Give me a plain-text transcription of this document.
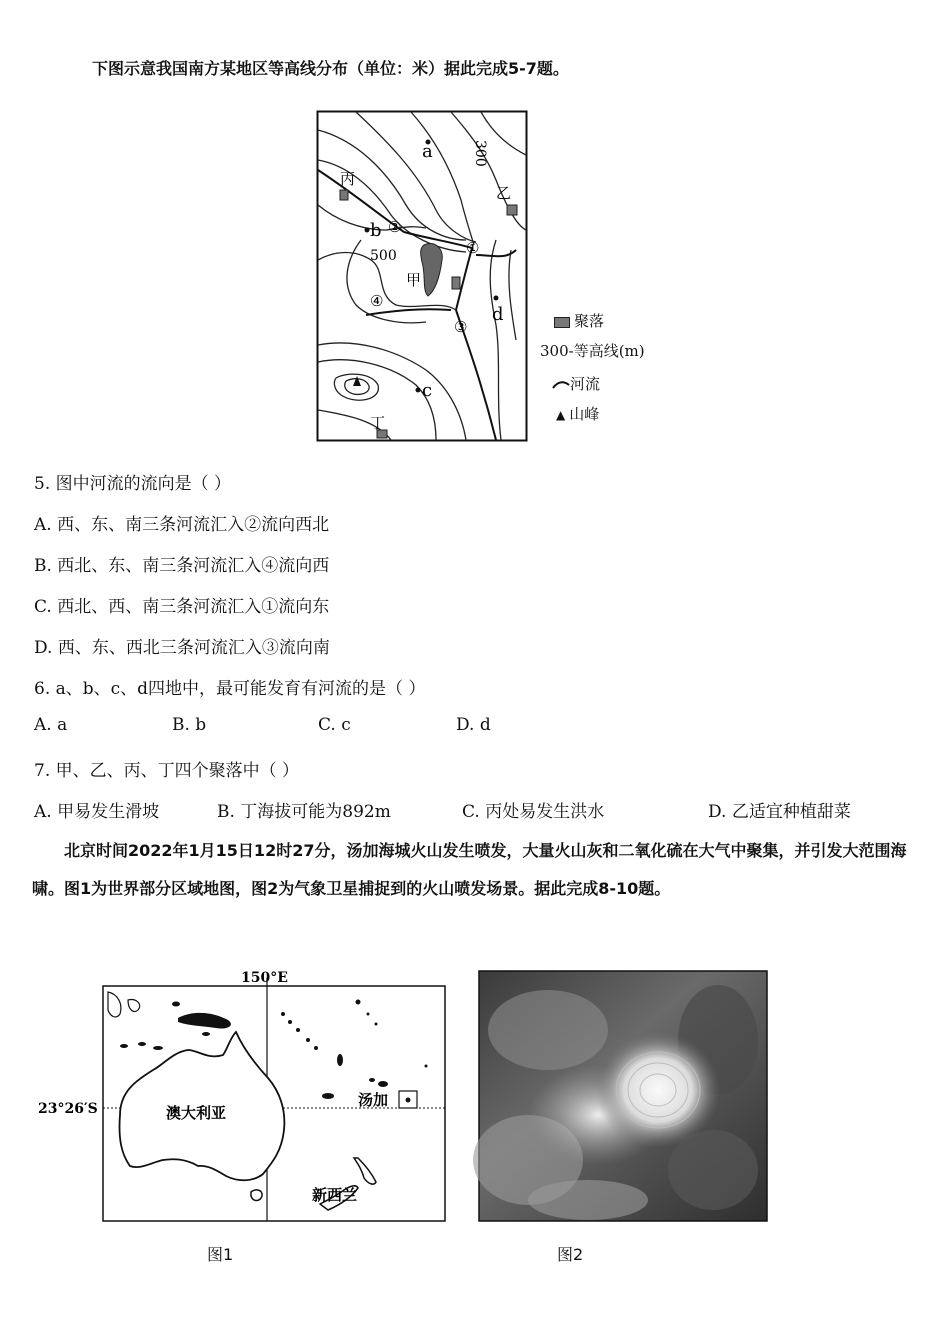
下图示意我国南方某地区等高线分布（单位：米）据此完成5-7题。
a
b
c
d
甲
乙
丙
丁
500
300
②
①
③
④
聚落
300-等高线(m)
河流
▲ 山峰
5. 图中河流的流向是（ ）
A. 西、东、南三条河流汇入②流向西北
B. 西北、东、南三条河流汇入④流向西
C. 西北、西、南三条河流汇入①流向东
D. 西、东、西北三条河流汇入③流向南
6. a、b、c、d四地中，最可能发育有河流的是（ ）
A. a	B. b	C. c	D. d
7. 甲、乙、丙、丁四个聚落中（ ）
A. 甲易发生滑坡	B. 丁海拔可能为892m	C. 丙处易发生洪水	D. 乙适宜种植甜菜
北京时间2022年1月15日12时27分，汤加海城火山发生喷发，大量火山灰和二氧化硫在大气中聚集，并引发大范围海啸。图1为世界部分区域地图，图2为气象卫星捕捉到的火山喷发场景。据此完成8-10题。
150°E
23°26′S	澳大利亚
汤加
新西兰
图1	图2
